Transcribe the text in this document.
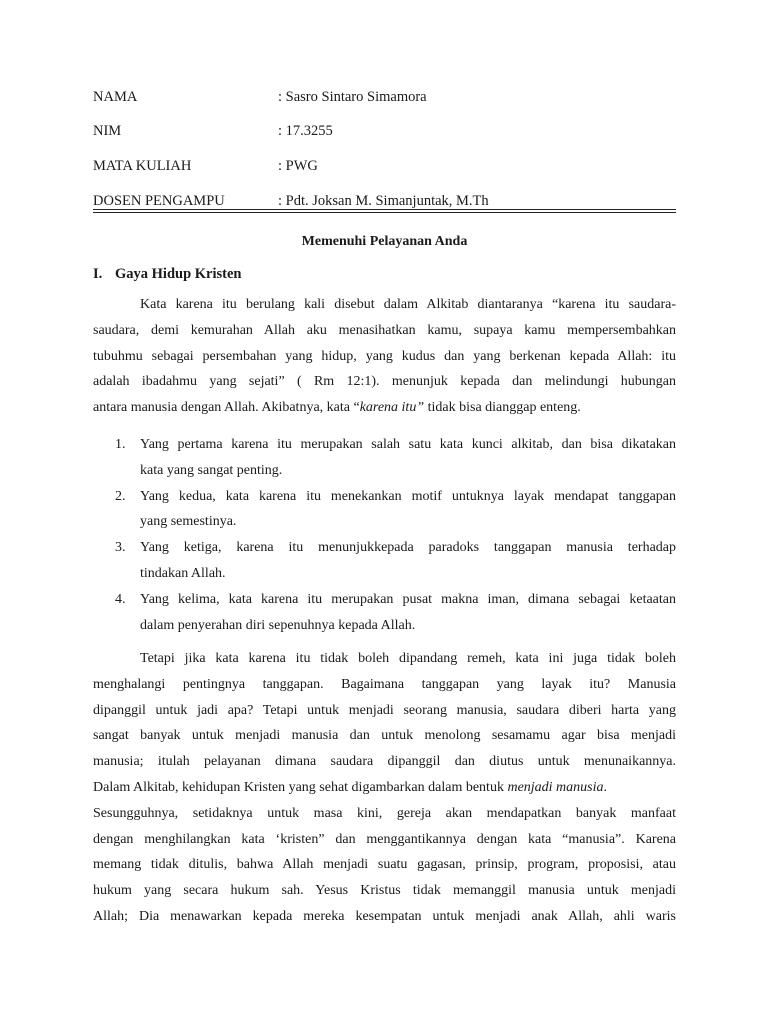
NAMA	: Sasro Sintaro Simamora
NIM	: 17.3255
MATA KULIAH	: PWG
DOSEN PENGAMPU	: Pdt. Joksan M. Simanjuntak, M.Th
Memenuhi Pelayanan Anda
I. Gaya Hidup Kristen
Kata karena itu berulang kali disebut dalam Alkitab diantaranya “karena itu saudara-
saudara, demi kemurahan Allah aku menasihatkan kamu, supaya kamu mempersembahkan
tubuhmu sebagai persembahan yang hidup, yang kudus dan yang berkenan kepada Allah: itu
adalah ibadahmu yang sejati” ( Rm 12:1). menunjuk kepada dan melindungi hubungan
antara manusia dengan Allah. Akibatnya, kata “karena itu” tidak bisa dianggap enteng.
1. Yang pertama karena itu merupakan salah satu kata kunci alkitab, dan bisa dikatakan
kata yang sangat penting.
2. Yang kedua, kata karena itu menekankan motif untuknya layak mendapat tanggapan
yang semestinya.
3. Yang ketiga, karena itu menunjukkepada paradoks tanggapan manusia terhadap
tindakan Allah.
4. Yang kelima, kata karena itu merupakan pusat makna iman, dimana sebagai ketaatan
dalam penyerahan diri sepenuhnya kepada Allah.
Tetapi jika kata karena itu tidak boleh dipandang remeh, kata ini juga tidak boleh
menghalangi pentingnya tanggapan. Bagaimana tanggapan yang layak itu? Manusia
dipanggil untuk jadi apa? Tetapi untuk menjadi seorang manusia, saudara diberi harta yang
sangat banyak untuk menjadi manusia dan untuk menolong sesamamu agar bisa menjadi
manusia; itulah pelayanan dimana saudara dipanggil dan diutus untuk menunaikannya.
Dalam Alkitab, kehidupan Kristen yang sehat digambarkan dalam bentuk menjadi manusia.
Sesungguhnya, setidaknya untuk masa kini, gereja akan mendapatkan banyak manfaat
dengan menghilangkan kata ‘kristen” dan menggantikannya dengan kata “manusia”. Karena
memang tidak ditulis, bahwa Allah menjadi suatu gagasan, prinsip, program, proposisi, atau
hukum yang secara hukum sah. Yesus Kristus tidak memanggil manusia untuk menjadi
Allah; Dia menawarkan kepada mereka kesempatan untuk menjadi anak Allah, ahli waris
